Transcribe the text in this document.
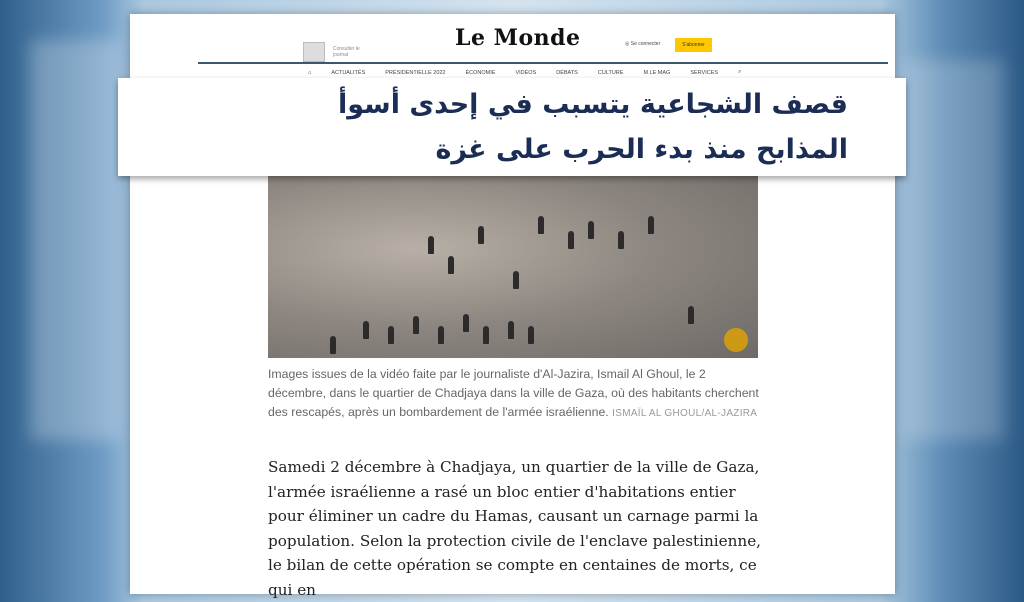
Consulter le journal
Le Monde	◎ Se connecter	S'abonner
⌂	ACTUALITÉS	PRÉSIDENTIELLE 2022	ÉCONOMIE	VIDÉOS	DÉBATS	CULTURE	M LE MAG	SERVICES	⌕
Images issues de la vidéo faite par le journaliste d'Al-Jazira, Ismail Al Ghoul, le 2 décembre, dans le quartier de Chadjaya dans la ville de Gaza, où des habitants cherchent des rescapés, après un bombardement de l'armée israélienne. ISMAÏL AL GHOUL/AL-JAZIRA
Samedi 2 décembre à Chadjaya, un quartier de la ville de Gaza, l'armée israélienne a rasé un bloc entier d'habitations entier pour éliminer un cadre du Hamas, causant un carnage parmi la population. Selon la protection civile de l'enclave palestinienne, le bilan de cette opération se compte en centaines de morts, ce qui en
قصف الشجاعية يتسبب في إحدى أسوأ
المذابح منذ بدء الحرب على غزة
